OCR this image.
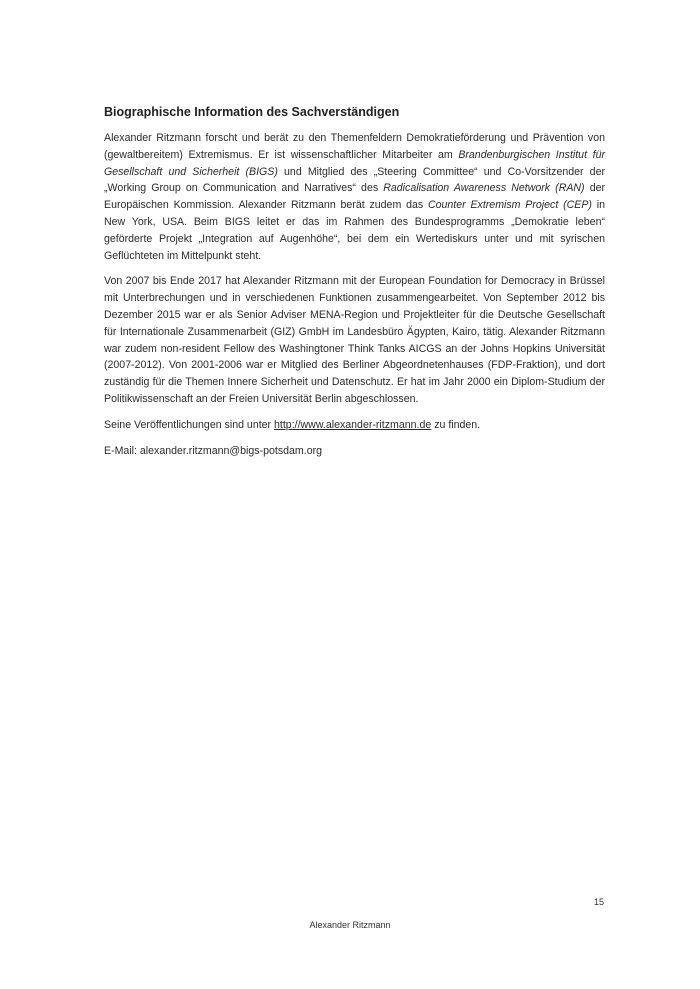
Biographische Information des Sachverständigen

Alexander Ritzmann forscht und berät zu den Themenfeldern Demokratieförderung und Prävention von (gewaltbereitem) Extremismus. Er ist wissenschaftlicher Mitarbeiter am Brandenburgischen Institut für Gesellschaft und Sicherheit (BIGS) und Mitglied des „Steering Committee“ und Co-Vorsitzender der „Working Group on Communication and Narratives“ des Radicalisation Awareness Network (RAN) der Europäischen Kommission. Alexander Ritzmann berät zudem das Counter Extremism Project (CEP) in New York, USA. Beim BIGS leitet er das im Rahmen des Bundesprogramms „Demokratie leben“ geförderte Projekt „Integration auf Augenhöhe“, bei dem ein Wertediskurs unter und mit syrischen Geflüchteten im Mittelpunkt steht.

Von 2007 bis Ende 2017 hat Alexander Ritzmann mit der European Foundation for Democracy in Brüssel mit Unterbrechungen und in verschiedenen Funktionen zusammengearbeitet. Von September 2012 bis Dezember 2015 war er als Senior Adviser MENA-Region und Projektleiter für die Deutsche Gesellschaft für Internationale Zusammenarbeit (GIZ) GmbH im Landesbüro Ägypten, Kairo, tätig. Alexander Ritzmann war zudem non-resident Fellow des Washingtoner Think Tanks AICGS an der Johns Hopkins Universität (2007-2012). Von 2001-2006 war er Mitglied des Berliner Abgeordnetenhauses (FDP-Fraktion), und dort zuständig für die Themen Innere Sicherheit und Datenschutz. Er hat im Jahr 2000 ein Diplom-Studium der Politikwissenschaft an der Freien Universität Berlin abgeschlossen.

Seine Veröffentlichungen sind unter http://www.alexander-ritzmann.de zu finden.

E-Mail: alexander.ritzmann@bigs-potsdam.org

15
Alexander Ritzmann
